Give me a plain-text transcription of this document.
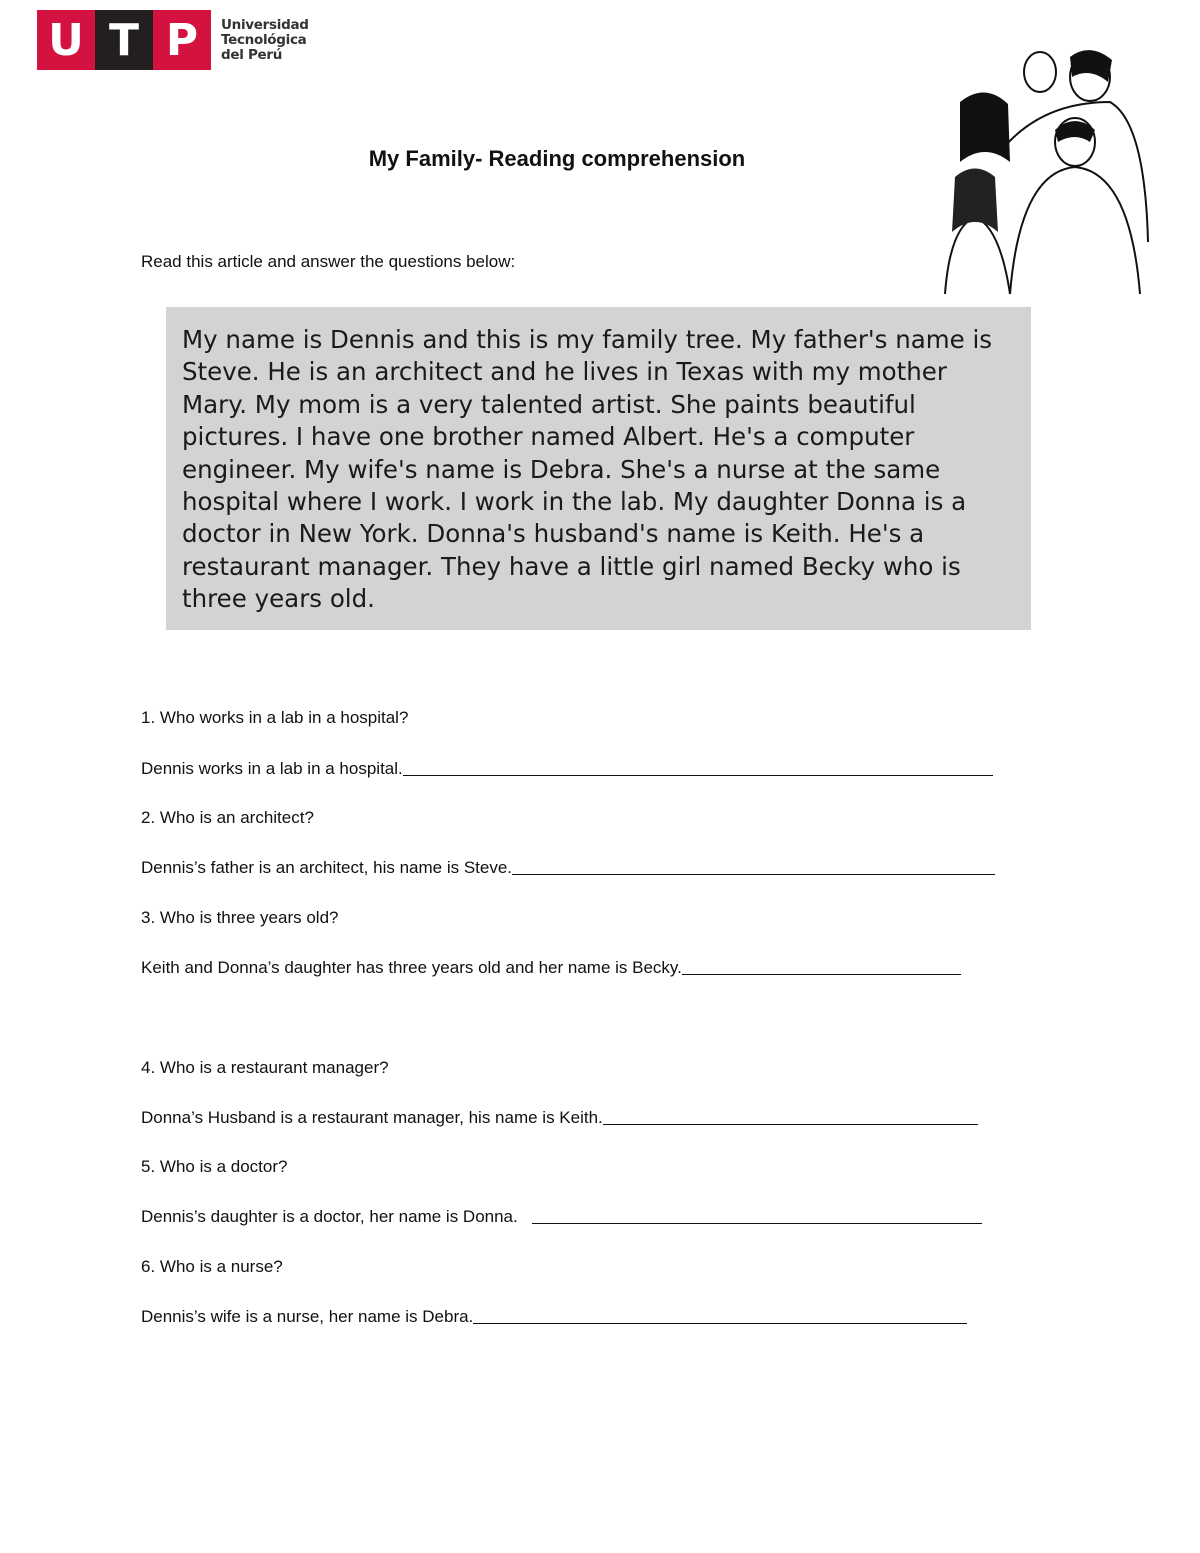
U T P	Universidad
Tecnológica
del Perú
My Family- Reading comprehension
Read this article and answer the questions below:
My name is Dennis and this is my family tree. My father's name is Steve. He is an architect and he lives in Texas with my mother Mary. My mom is a very talented artist. She paints beautiful pictures. I have one brother named Albert. He's a computer engineer. My wife's name is Debra. She's a nurse at the same hospital where I work. I work in the lab. My daughter Donna is a doctor in New York. Donna's husband's name is Keith. He's a restaurant manager. They have a little girl named Becky who is three years old.
1. Who works in a lab in a hospital?
Dennis works in a lab in a hospital.
2. Who is an architect?
Dennis’s father is an architect, his name is Steve.
3. Who is three years old?
Keith and Donna’s daughter has three years old and her name is Becky.
4. Who is a restaurant manager?
Donna’s Husband is a restaurant manager, his name is Keith.
5. Who is a doctor?
Dennis’s daughter is a doctor, her name is Donna.
6. Who is a nurse?
Dennis’s wife is a nurse, her name is Debra.
